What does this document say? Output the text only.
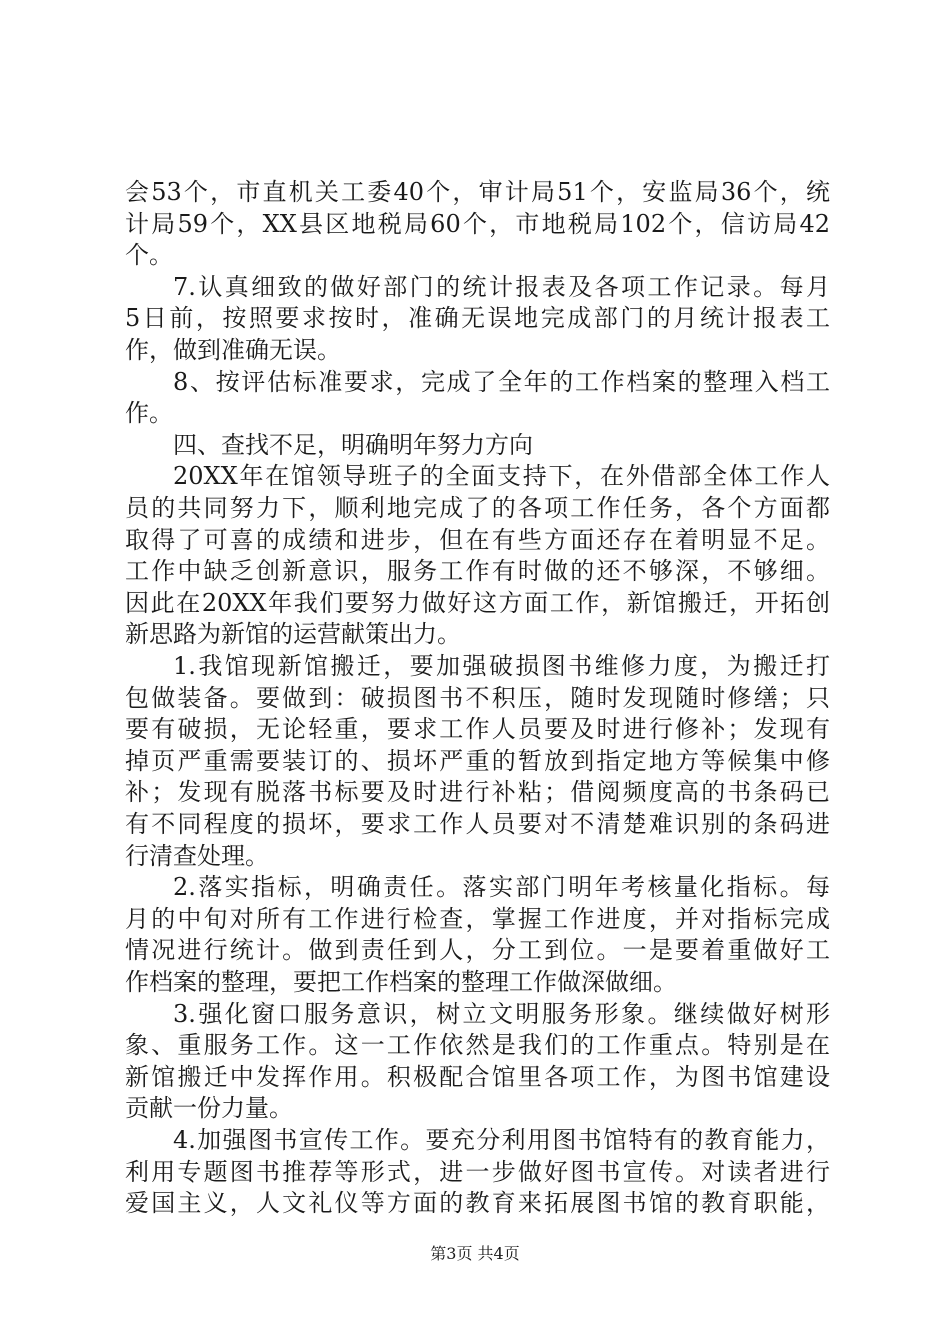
会53个，市直机关工委40个，审计局51个，安监局36个，统
计局59个，XX县区地税局60个，市地税局102个，信访局42
个。
7.认真细致的做好部门的统计报表及各项工作记录。每月
5日前，按照要求按时，准确无误地完成部门的月统计报表工
作，做到准确无误。
8、按评估标准要求，完成了全年的工作档案的整理入档工
作。
四、查找不足，明确明年努力方向
20XX年在馆领导班子的全面支持下，在外借部全体工作人
员的共同努力下，顺利地完成了的各项工作任务，各个方面都
取得了可喜的成绩和进步，但在有些方面还存在着明显不足。
工作中缺乏创新意识，服务工作有时做的还不够深，不够细。
因此在20XX年我们要努力做好这方面工作，新馆搬迁，开拓创
新思路为新馆的运营献策出力。
1.我馆现新馆搬迁，要加强破损图书维修力度，为搬迁打
包做装备。要做到：破损图书不积压，随时发现随时修缮；只
要有破损，无论轻重，要求工作人员要及时进行修补；发现有
掉页严重需要装订的、损坏严重的暂放到指定地方等候集中修
补；发现有脱落书标要及时进行补粘；借阅频度高的书条码已
有不同程度的损坏，要求工作人员要对不清楚难识别的条码进
行清查处理。
2.落实指标，明确责任。落实部门明年考核量化指标。每
月的中旬对所有工作进行检查，掌握工作进度，并对指标完成
情况进行统计。做到责任到人，分工到位。一是要着重做好工
作档案的整理，要把工作档案的整理工作做深做细。
3.强化窗口服务意识，树立文明服务形象。继续做好树形
象、重服务工作。这一工作依然是我们的工作重点。特别是在
新馆搬迁中发挥作用。积极配合馆里各项工作，为图书馆建设
贡献一份力量。
4.加强图书宣传工作。要充分利用图书馆特有的教育能力，
利用专题图书推荐等形式，进一步做好图书宣传。对读者进行
爱国主义，人文礼仪等方面的教育来拓展图书馆的教育职能，
第3页 共4页
